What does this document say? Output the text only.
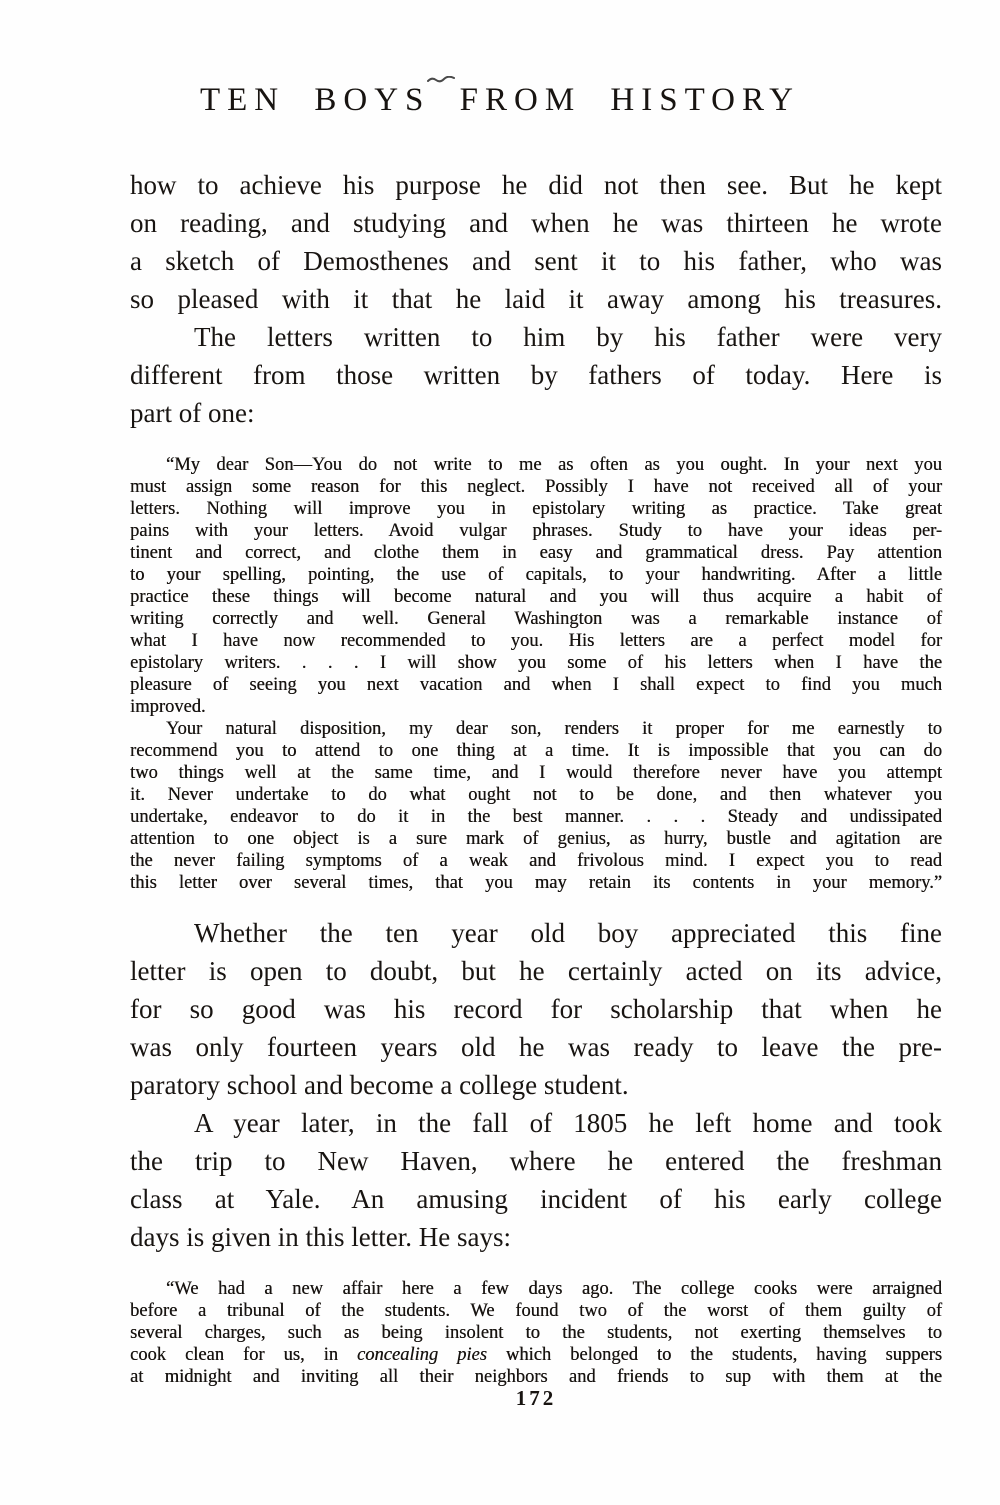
TEN BOYS FROM HISTORY
how to achieve his purpose he did not then see. But he kept
on reading, and studying and when he was thirteen he wrote
a sketch of Demosthenes and sent it to his father, who was
so pleased with it that he laid it away among his treasures.
The letters written to him by his father were very
different from those written by fathers of today. Here is
part of one:
“My dear Son—You do not write to me as often as you ought. In your next you
must assign some reason for this neglect. Possibly I have not received all of your
letters. Nothing will improve you in epistolary writing as practice. Take great
pains with your letters. Avoid vulgar phrases. Study to have your ideas per-
tinent and correct, and clothe them in easy and grammatical dress. Pay attention
to your spelling, pointing, the use of capitals, to your handwriting. After a little
practice these things will become natural and you will thus acquire a habit of
writing correctly and well. General Washington was a remarkable instance of
what I have now recommended to you. His letters are a perfect model for
epistolary writers. . . . I will show you some of his letters when I have the
pleasure of seeing you next vacation and when I shall expect to find you much
improved.
Your natural disposition, my dear son, renders it proper for me earnestly to
recommend you to attend to one thing at a time. It is impossible that you can do
two things well at the same time, and I would therefore never have you attempt
it. Never undertake to do what ought not to be done, and then whatever you
undertake, endeavor to do it in the best manner. . . . Steady and undissipated
attention to one object is a sure mark of genius, as hurry, bustle and agitation are
the never failing symptoms of a weak and frivolous mind. I expect you to read
this letter over several times, that you may retain its contents in your memory.”
Whether the ten year old boy appreciated this fine
letter is open to doubt, but he certainly acted on its advice,
for so good was his record for scholarship that when he
was only fourteen years old he was ready to leave the pre-
paratory school and become a college student.
A year later, in the fall of 1805 he left home and took
the trip to New Haven, where he entered the freshman
class at Yale. An amusing incident of his early college
days is given in this letter. He says:
“We had a new affair here a few days ago. The college cooks were arraigned
before a tribunal of the students. We found two of the worst of them guilty of
several charges, such as being insolent to the students, not exerting themselves to
cook clean for us, in concealing pies which belonged to the students, having suppers
at midnight and inviting all their neighbors and friends to sup with them at the
172
